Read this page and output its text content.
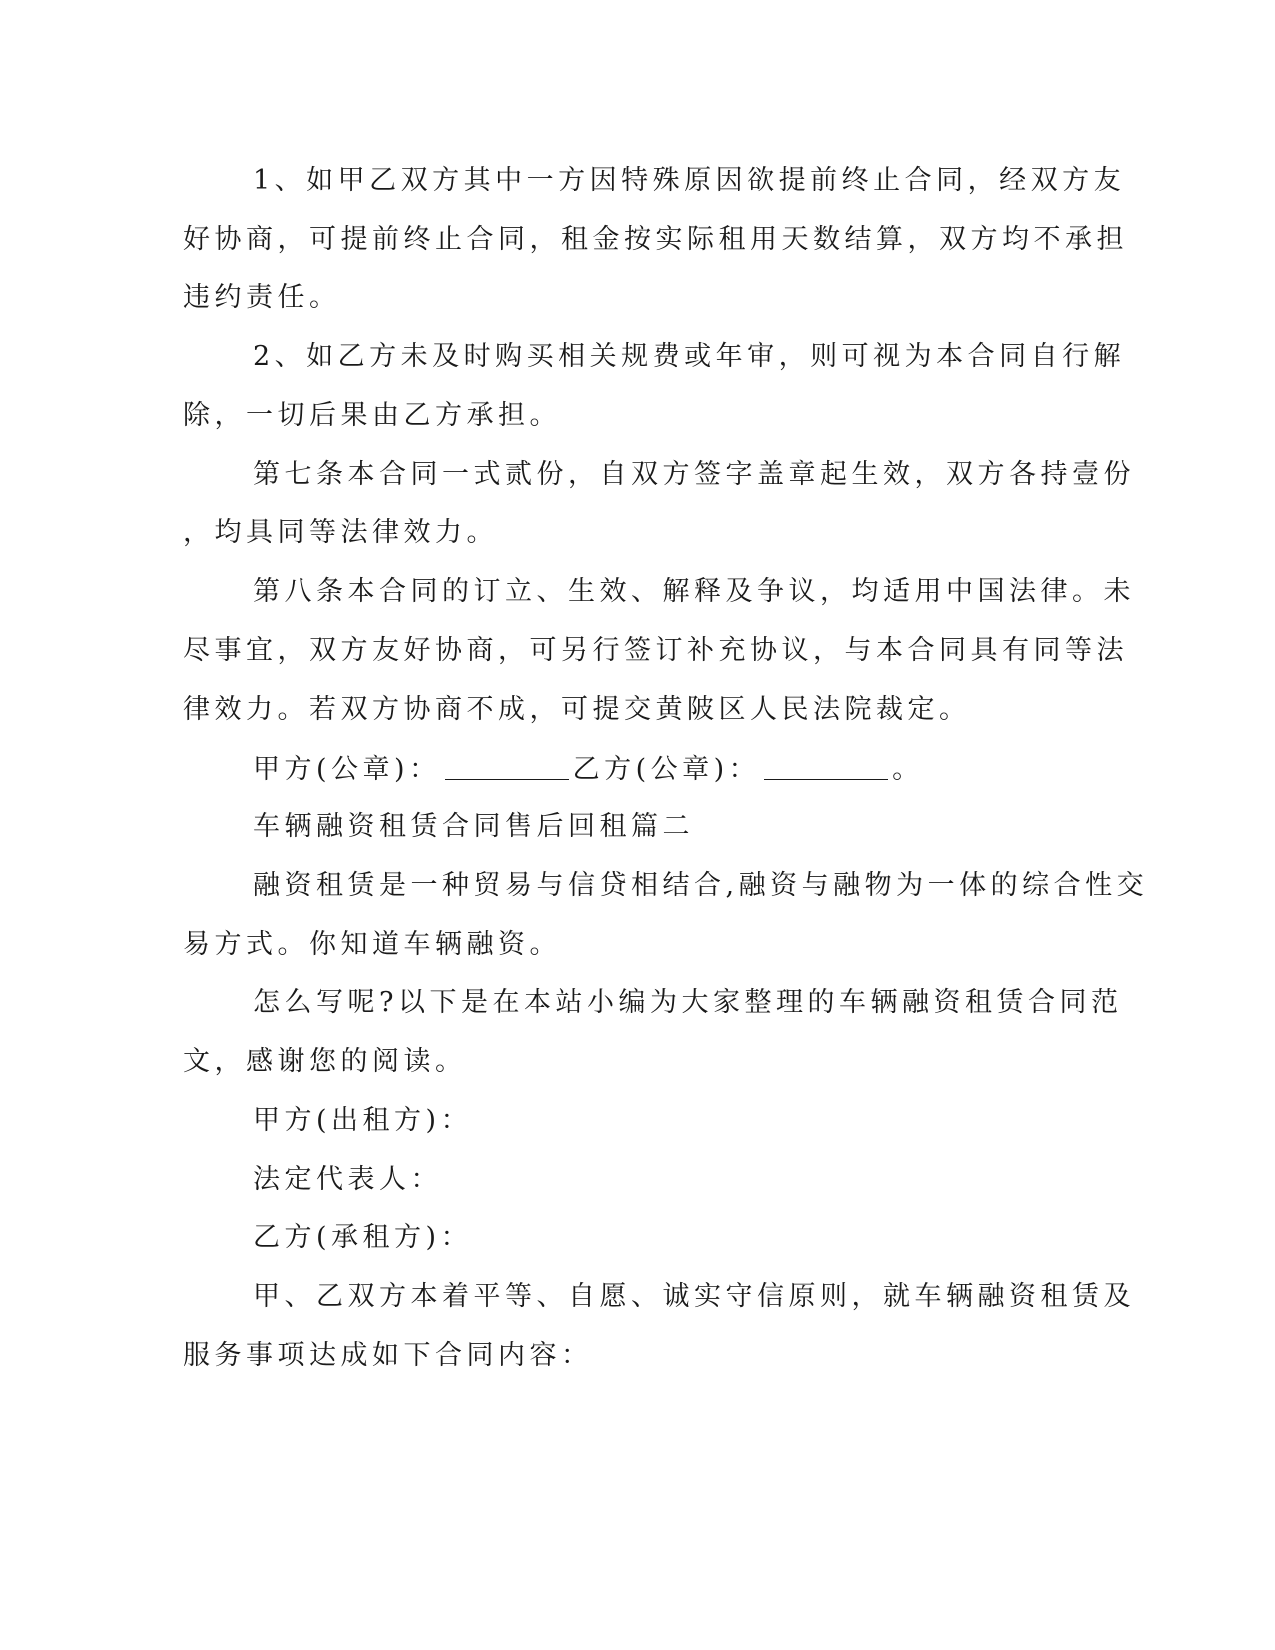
1、如甲乙双方其中一方因特殊原因欲提前终止合同，经双方友
好协商，可提前终止合同，租金按实际租用天数结算，双方均不承担
违约责任。
2、如乙方未及时购买相关规费或年审，则可视为本合同自行解
除，一切后果由乙方承担。
第七条本合同一式贰份，自双方签字盖章起生效，双方各持壹份
，均具同等法律效力。
第八条本合同的订立、生效、解释及争议，均适用中国法律。未
尽事宜，双方友好协商，可另行签订补充协议，与本合同具有同等法
律效力。若双方协商不成，可提交黄陂区人民法院裁定。
甲方(公章)：	乙方(公章)：	。
车辆融资租赁合同售后回租篇二
融资租赁是一种贸易与信贷相结合,融资与融物为一体的综合性交
易方式。你知道车辆融资。
怎么写呢?以下是在本站小编为大家整理的车辆融资租赁合同范
文，感谢您的阅读。
甲方(出租方)：
法定代表人：
乙方(承租方)：
甲、乙双方本着平等、自愿、诚实守信原则，就车辆融资租赁及
服务事项达成如下合同内容：
